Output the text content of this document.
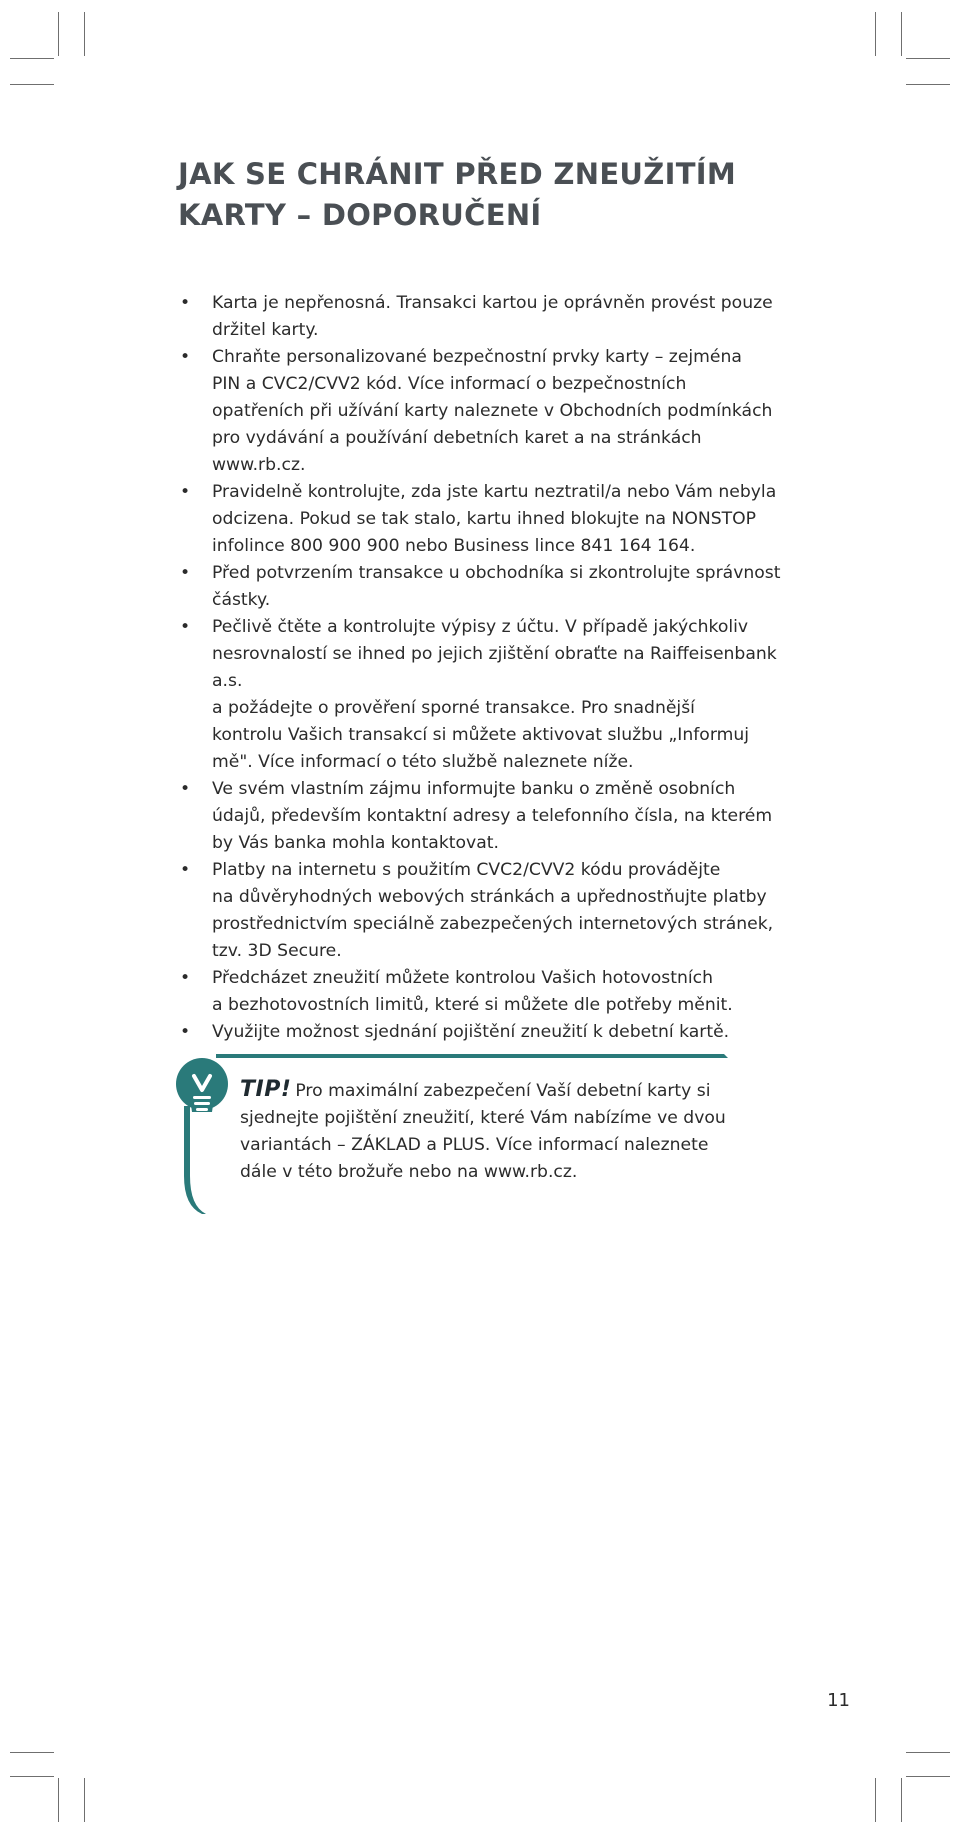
JAK SE CHRÁNIT PŘED ZNEUŽITÍM
KARTY – DOPORUČENÍ
• Karta je nepřenosná. Transakci kartou je oprávněn provést pouze
držitel karty.
• Chraňte personalizované bezpečnostní prvky karty – zejména
PIN a CVC2/CVV2 kód. Více informací o bezpečnostních
opatřeních při užívání karty naleznete v Obchodních podmínkách
pro vydávání a používání debetních karet a na stránkách
www.rb.cz.
• Pravidelně kontrolujte, zda jste kartu neztratil/a nebo Vám nebyla
odcizena. Pokud se tak stalo, kartu ihned blokujte na NONSTOP
infolince 800 900 900 nebo Business lince 841 164 164.
• Před potvrzením transakce u obchodníka si zkontrolujte správnost
částky.
• Pečlivě čtěte a kontrolujte výpisy z účtu. V případě jakýchkoliv
nesrovnalostí se ihned po jejich zjištění obraťte na Raiffeisenbank a.s.
a požádejte o prověření sporné transakce. Pro snadnější
kontrolu Vašich transakcí si můžete aktivovat službu „Informuj
mě". Více informací o této službě naleznete níže.
• Ve svém vlastním zájmu informujte banku o změně osobních
údajů, především kontaktní adresy a telefonního čísla, na kterém
by Vás banka mohla kontaktovat.
• Platby na internetu s použitím CVC2/CVV2 kódu provádějte
na důvěryhodných webových stránkách a upřednostňujte platby
prostřednictvím speciálně zabezpečených internetových stránek,
tzv. 3D Secure.
• Předcházet zneužití můžete kontrolou Vašich hotovostních
a bezhotovostních limitů, které si můžete dle potřeby měnit.
• Využijte možnost sjednání pojištění zneužití k debetní kartě.
TIP! Pro maximální zabezpečení Vaší debetní karty si
sjednejte pojištění zneužití, které Vám nabízíme ve dvou
variantách – ZÁKLAD a PLUS. Více informací naleznete
dále v této brožuře nebo na www.rb.cz.
11
